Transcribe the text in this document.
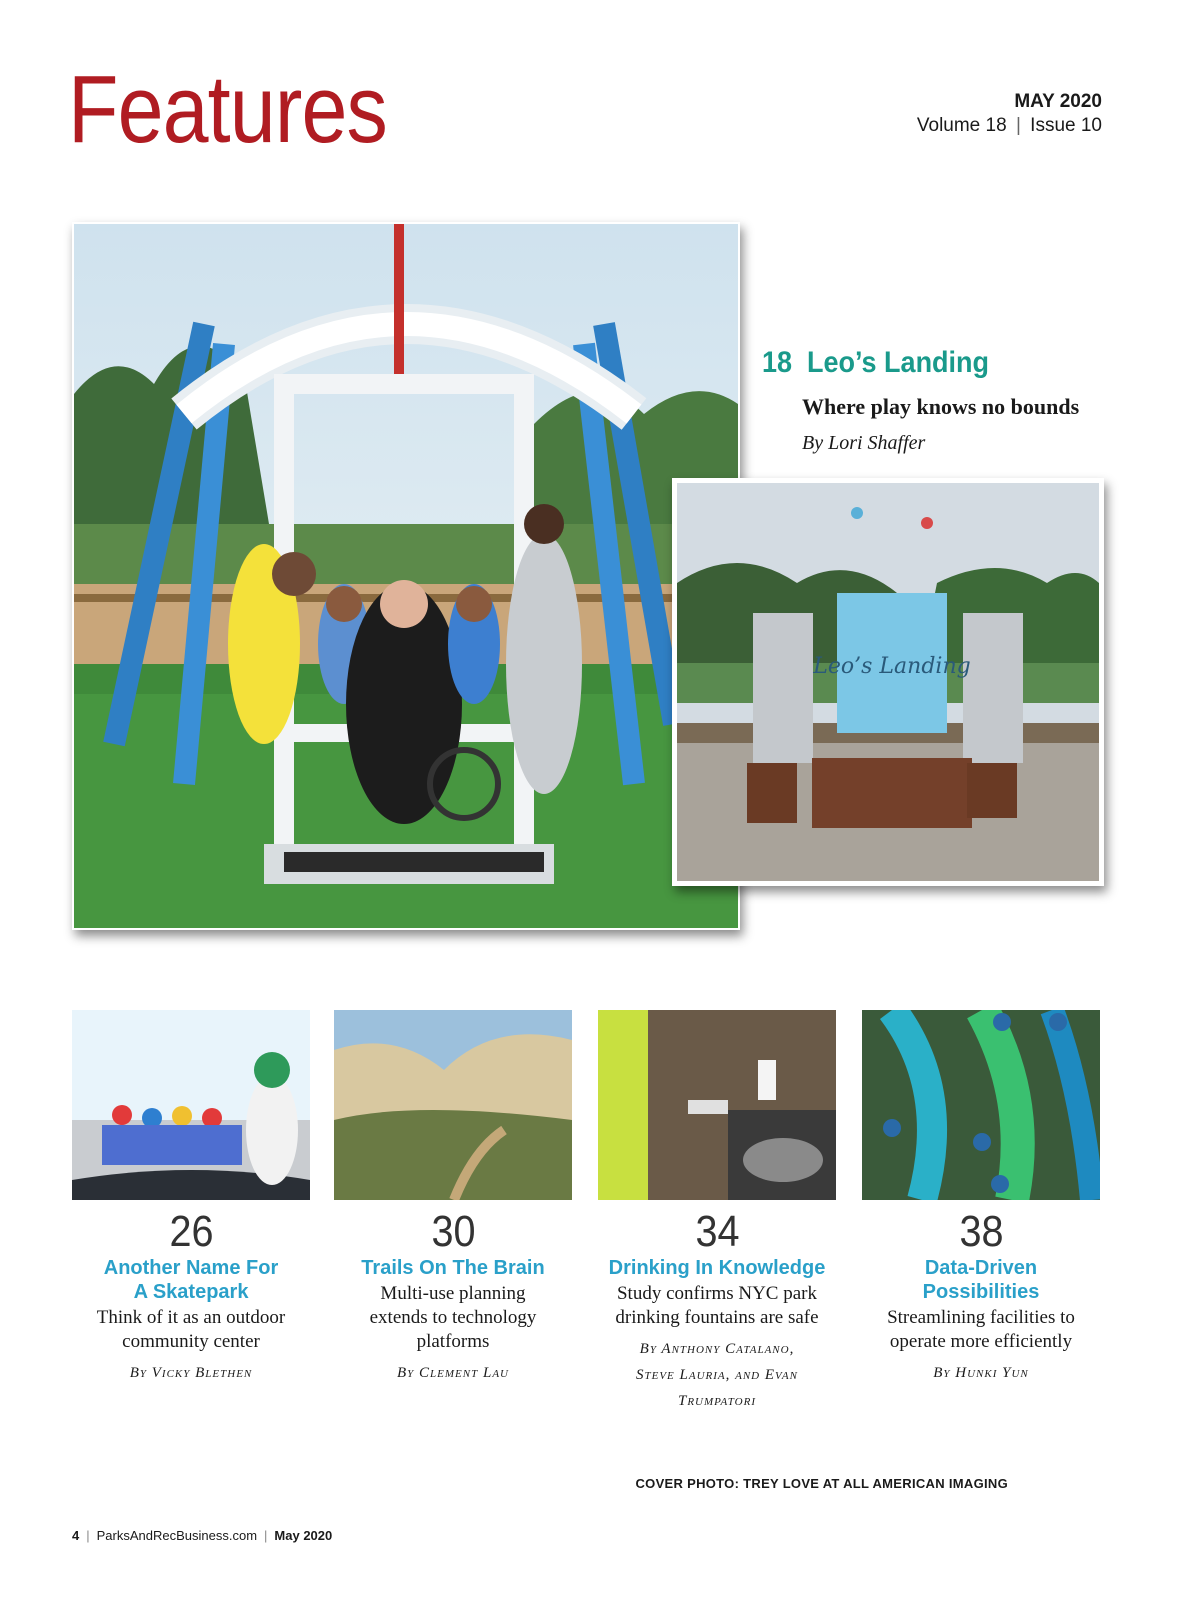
Features	MAY 2020
Volume 18 | Issue 10
18 Leo’s Landing
Where play knows no bounds
By Lori Shaffer
Leo’s Landing
26
Another Name For A Skatepark
Think of it as an outdoor community center
By Vicky Blethen
30
Trails On The Brain
Multi-use planning extends to technology platforms
By Clement Lau
34
Drinking In Knowledge
Study confirms NYC park drinking fountains are safe
By Anthony Catalano, Steve Lauria, and Evan Trumpatori
38
Data-Driven Possibilities
Streamlining facilities to operate more efficiently
By Hunki Yun
COVER PHOTO: TREY LOVE AT ALL AMERICAN IMAGING
4 | ParksAndRecBusiness.com | May 2020
